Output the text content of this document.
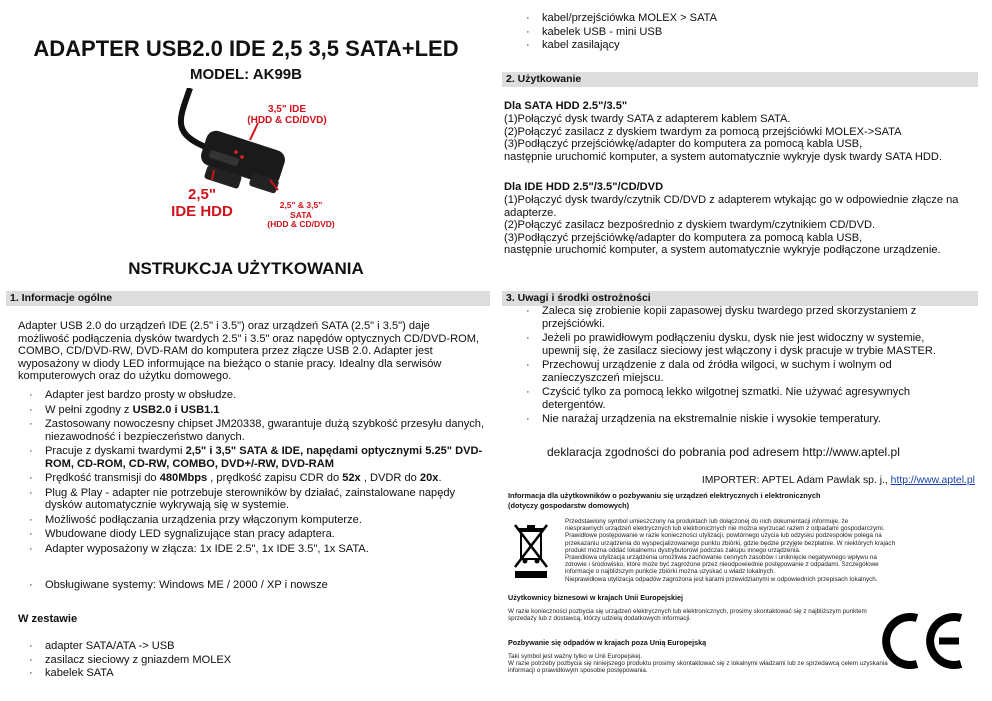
ADAPTER USB2.0 IDE 2,5 3,5 SATA+LED
MODEL: AK99B
3,5" IDE
(HDD & CD/DVD)
2,5"
IDE HDD	2,5" & 3,5"
SATA
(HDD & CD/DVD)
NSTRUKCJA UŻYTKOWANIA
1. Informacje ogólne
Adapter USB 2.0 do urządzeń IDE (2.5" i 3.5") oraz urządzeń SATA (2.5" i 3.5") daje możliwość podłączenia dysków twardych 2.5" i 3.5" oraz napędów optycznych CD/DVD-ROM, COMBO, CD/DVD-RW, DVD-RAM do komputera przez złącze USB 2.0. Adapter jest wyposażony w diody LED informujące na bieżąco o stanie pracy. Idealny dla serwisów komputerowych oraz do użytku domowego.
· Adapter jest bardzo prosty w obsłudze.
· W pełni zgodny z USB2.0 i USB1.1
· Zastosowany nowoczesny chipset JM20338, gwarantuje dużą szybkość przesyłu danych, niezawodność i bezpieczeństwo danych.
· Pracuje z dyskami twardymi 2,5" i 3,5" SATA & IDE, napędami optycznymi 5.25" DVD-ROM, CD-ROM, CD-RW, COMBO, DVD+/-RW, DVD-RAM
· Prędkość transmisji do 480Mbps , prędkość zapisu CDR do 52x , DVDR do 20x.
· Plug & Play - adapter nie potrzebuje sterowników by działać, zainstalowane napędy dysków automatycznie wykrywają się w systemie.
· Możliwość podłączania urządzenia przy włączonym komputerze.
· Wbudowane diody LED sygnalizujące stan pracy adaptera.
· Adapter wyposażony w złącza: 1x IDE 2.5", 1x IDE 3.5", 1x SATA.
· Obsługiwane systemy: Windows ME / 2000 / XP i nowsze
W zestawie
· adapter SATA/ATA -> USB
· zasilacz sieciowy z gniazdem MOLEX
· kabelek SATA
· kabel/przejściówka MOLEX > SATA
· kabelek USB - mini USB
· kabel zasilający
2. Użytkowanie
Dla SATA HDD 2.5"/3.5"
(1)Połączyć dysk twardy SATA z adapterem kablem SATA.
(2)Połączyć zasilacz z dyskiem twardym za pomocą przejściówki MOLEX->SATA
(3)Podłączyć przejściówkę/adapter do komputera za pomocą kabla USB,
następnie uruchomić komputer, a system automatycznie wykryje dysk twardy SATA HDD.
Dla IDE HDD 2.5"/3.5"/CD/DVD
(1)Połączyć dysk twardy/czytnik CD/DVD z adapterem wtykając go w odpowiednie złącze na adapterze.
(2)Połączyć zasilacz bezpośrednio z dyskiem twardym/czytnikiem CD/DVD.
(3)Podłączyć przejściówkę/adapter do komputera za pomocą kabla USB,
następnie uruchomić komputer, a system automatycznie wykryje podłączone urządzenie.
3. Uwagi i środki ostrożności
· Zaleca się zrobienie kopii zapasowej dysku twardego przed skorzystaniem z przejściówki.
· Jeżeli po prawidłowym podłączeniu dysku, dysk nie jest widoczny w systemie, upewnij się, że zasilacz sieciowy jest włączony i dysk pracuje w trybie MASTER.
· Przechowuj urządzenie z dala od źródła wilgoci, w suchym i wolnym od zanieczyszczeń miejscu.
· Czyścić tylko za pomocą lekko wilgotnej szmatki. Nie używać agresywnych detergentów.
· Nie narażaj urządzenia na ekstremalnie niskie i wysokie temperatury.
deklaracja zgodności do pobrania pod adresem http://www.aptel.pl
IMPORTER: APTEL Adam Pawlak sp. j., http://www.aptel.pl
Informacja dla użytkowników o pozbywaniu się urządzeń elektrycznych i elektronicznych
(dotyczy gospodarstw domowych)
Przedstawiony symbol umieszczony na produktach lub dołączonej do nich dokumentacji informuje, że
niesprawnych urządzeń elektrycznych lub elektronicznych nie można wyrzucać razem z odpadami gospodarczymi.
Prawidłowe postępowanie w razie konieczności utylizacji, powtórnego użycia lub odzysku podzespołów polega na
przekazaniu urządzenia do wyspecjalizowanego punktu zbiórki, gdzie będzie przyjęte bezpłatnie. W niektórych krajach
produkt można oddać lokalnemu dystrybutorowi podczas zakupu innego urządzenia.
Prawidłowa utylizacja urządzenia umożliwia zachowanie cennych zasobów i uniknięcie negatywnego wpływu na
zdrowie i środowisko, które może być zagrożone przez nieodpowiednie postępowanie z odpadami. Szczegółowe
informacje o najbliższym punkcie zbiórki można uzyskać u władz lokalnych.
Nieprawidłowa utylizacja odpadów zagrożona jest karami przewidzianymi w odpowiednich przepisach lokalnych.
Użytkownicy biznesowi w krajach Unii Europejskiej
W razie konieczności pozbycia się urządzeń elektrycznych lub elektronicznych, prosimy skontaktować się z najbliższym punktem
sprzedaży lub z dostawcą, którzy udzielą dodatkowych informacji.
Pozbywanie się odpadów w krajach poza Unią Europejską
Taki symbol jest ważny tylko w Unii Europejskej.
W razie potrzeby pozbycia się niniejszego produktu prosimy skontaktować się z lokalnymi władzami lub ze sprzedawcą celem uzyskania
informacji o prawidłowym sposobie postępowania.
